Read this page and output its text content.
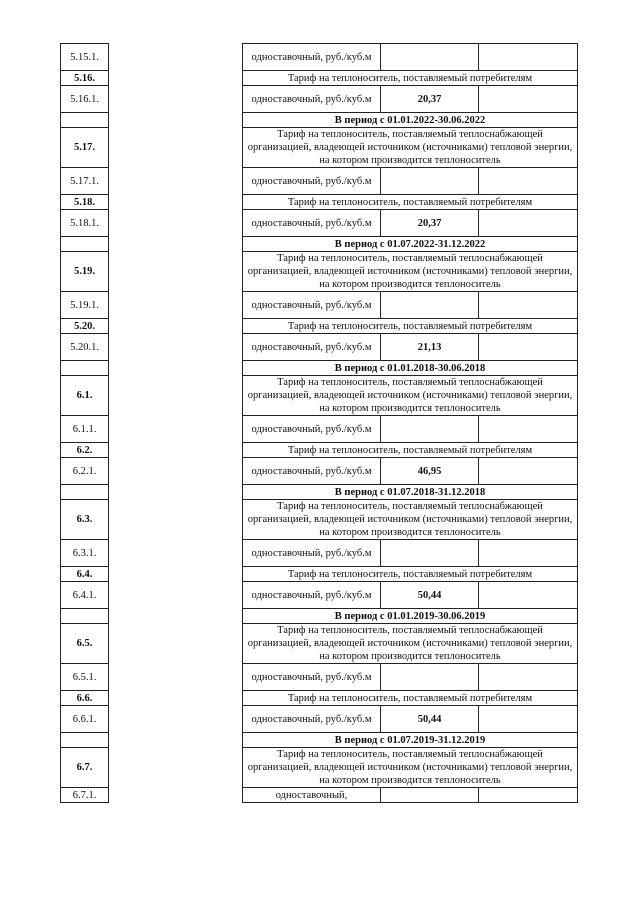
5.15.1.		одноставочный, руб./куб.м		
5.16.		Тариф на теплоноситель, поставляемый потребителям		
5.16.1.		одноставочный, руб./куб.м	20,37	
		В период с 01.01.2022-30.06.2022		
5.17.		Тариф на теплоноситель, поставляемый теплоснабжающей организацией, владеющей источником (источниками) тепловой энергии, на котором производится теплоноситель		
5.17.1.		одноставочный, руб./куб.м		
5.18.		Тариф на теплоноситель, поставляемый потребителям		
5.18.1.		одноставочный, руб./куб.м	20,37	
		В период с 01.07.2022-31.12.2022		
5.19.		Тариф на теплоноситель, поставляемый теплоснабжающей организацией, владеющей источником (источниками) тепловой энергии, на котором производится теплоноситель		
5.19.1.		одноставочный, руб./куб.м		
5.20.		Тариф на теплоноситель, поставляемый потребителям		
5.20.1.		одноставочный, руб./куб.м	21,13	
		В период с 01.01.2018-30.06.2018		
6.1.		Тариф на теплоноситель, поставляемый теплоснабжающей организацией, владеющей источником (источниками) тепловой энергии, на котором производится теплоноситель		
6.1.1.		одноставочный, руб./куб.м		
6.2.		Тариф на теплоноситель, поставляемый потребителям		
6.2.1.		одноставочный, руб./куб.м	46,95	
		В период с 01.07.2018-31.12.2018		
6.3.		Тариф на теплоноситель, поставляемый теплоснабжающей организацией, владеющей источником (источниками) тепловой энергии, на котором производится теплоноситель		
6.3.1.		одноставочный, руб./куб.м		
6.4.		Тариф на теплоноситель, поставляемый потребителям		
6.4.1.		одноставочный, руб./куб.м	50,44	
		В период с 01.01.2019-30.06.2019		
6.5.		Тариф на теплоноситель, поставляемый теплоснабжающей организацией, владеющей источником (источниками) тепловой энергии, на котором производится теплоноситель		
6.5.1.		одноставочный, руб./куб.м		
6.6.		Тариф на теплоноситель, поставляемый потребителям		
6.6.1.		одноставочный, руб./куб.м	50,44	
		В период с 01.07.2019-31.12.2019		
6.7.		Тариф на теплоноситель, поставляемый теплоснабжающей организацией, владеющей источником (источниками) тепловой энергии, на котором производится теплоноситель		
6.7.1.		одноставочный,		
